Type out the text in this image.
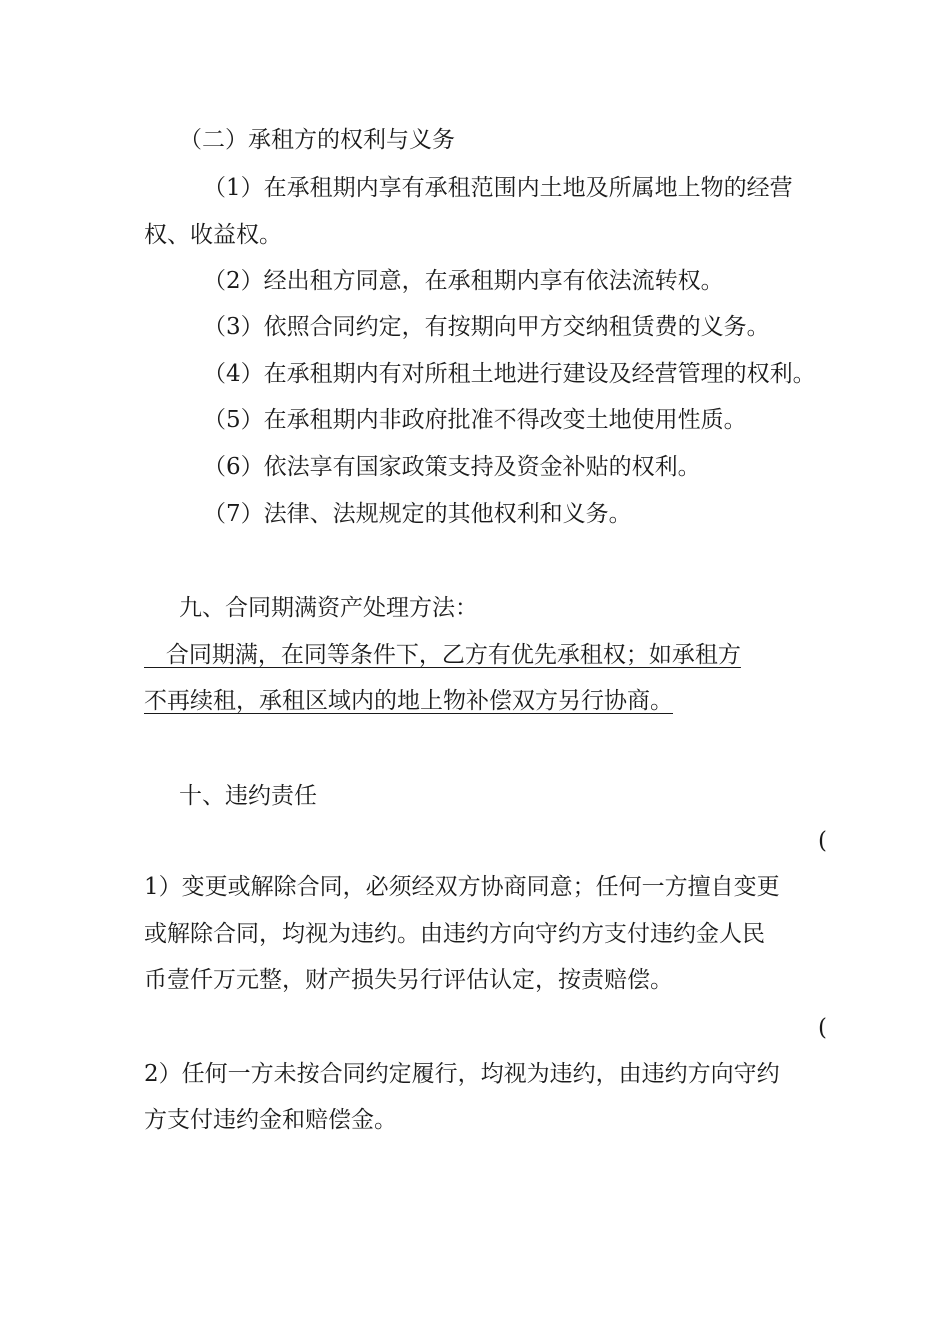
（二）承租方的权利与义务
（1）在承租期内享有承租范围内土地及所属地上物的经营
权、收益权。
（2）经出租方同意，在承租期内享有依法流转权。
（3）依照合同约定，有按期向甲方交纳租赁费的义务。
（4）在承租期内有对所租土地进行建设及经营管理的权利。
（5）在承租期内非政府批准不得改变土地使用性质。
（6）依法享有国家政策支持及资金补贴的权利。
（7）法律、法规规定的其他权利和义务。
九、合同期满资产处理方法：
合同期满，在同等条件下，乙方有优先承租权；如承租方
不再续租，承租区域内的地上物补偿双方另行协商。
十、违约责任
(
1）变更或解除合同，必须经双方协商同意；任何一方擅自变更
或解除合同，均视为违约。由违约方向守约方支付违约金人民
币壹仟万元整，财产损失另行评估认定，按责赔偿。
(
2）任何一方未按合同约定履行，均视为违约，由违约方向守约
方支付违约金和赔偿金。
